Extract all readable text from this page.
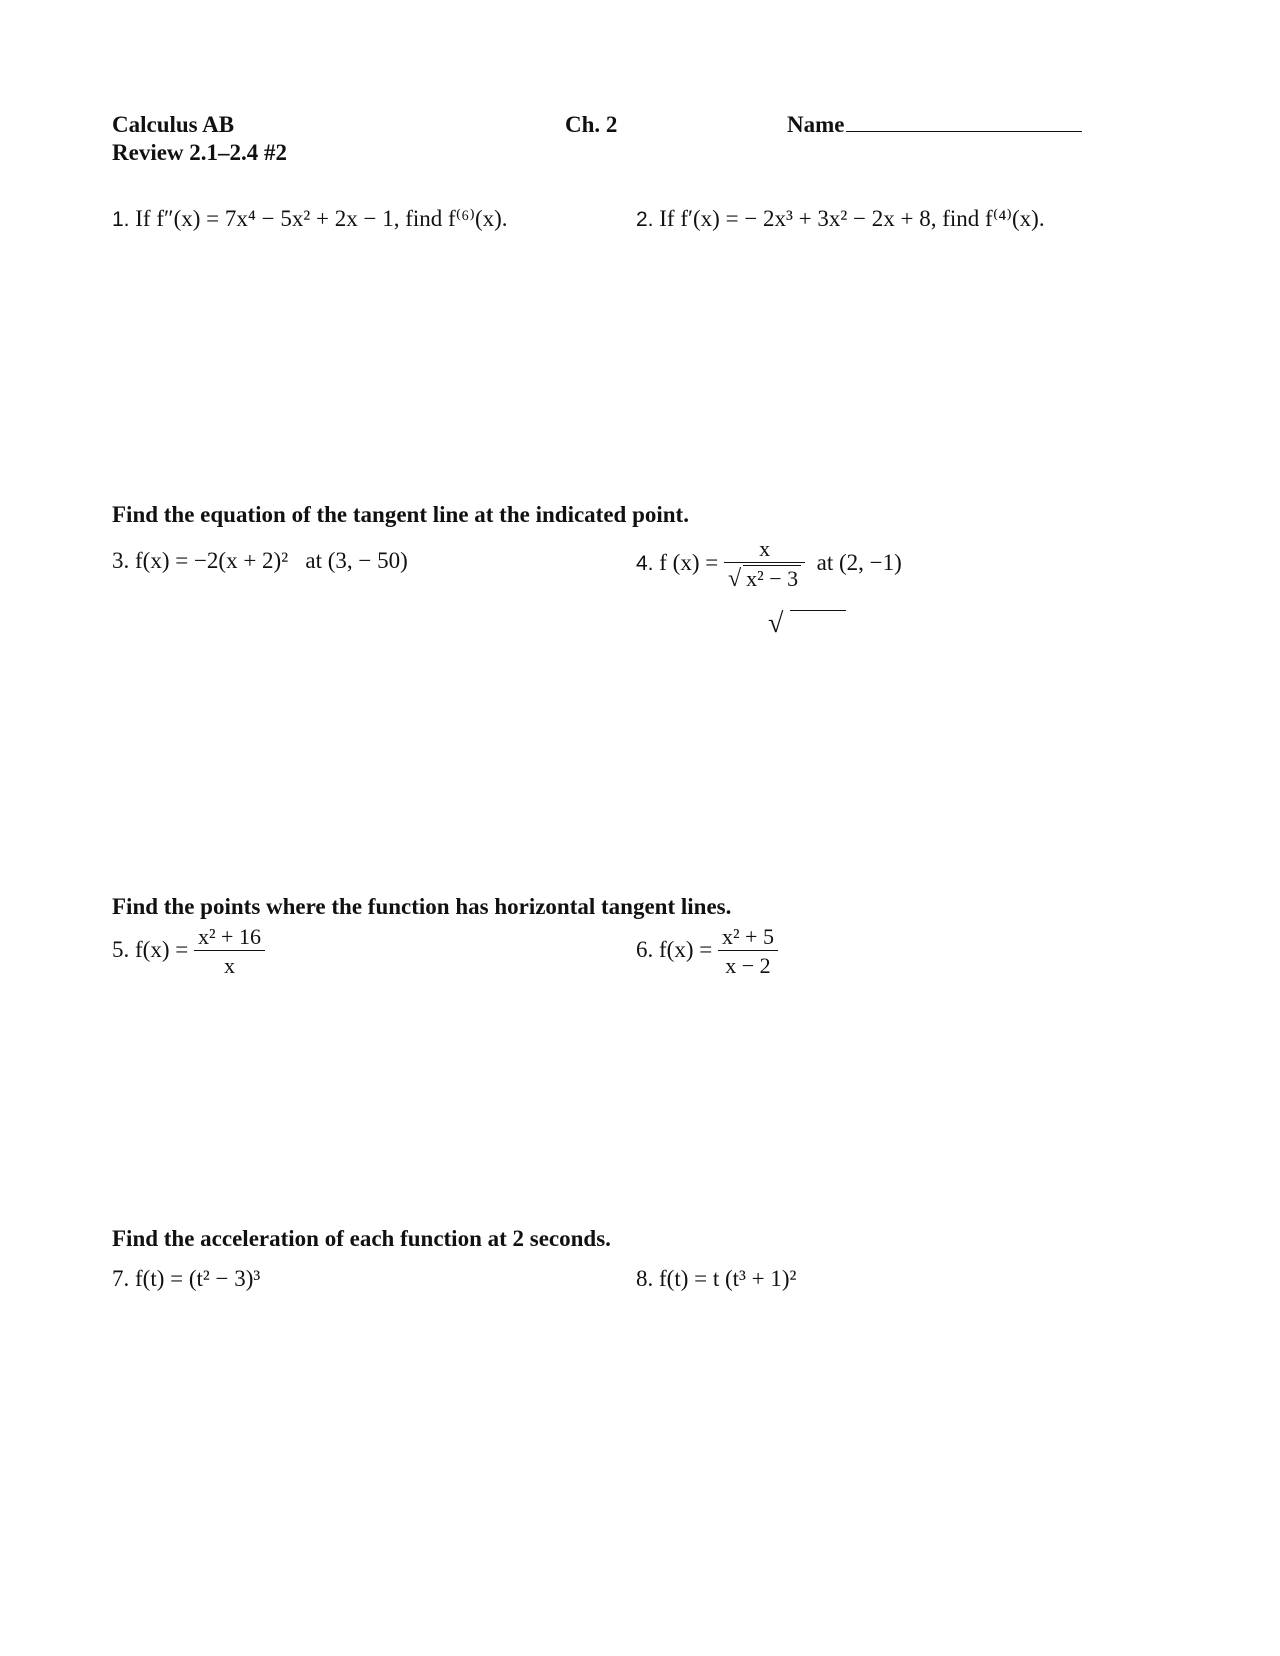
Calculus AB
Review 2.1–2.4 #2
Ch. 2	Name
1. If f″(x) = 7x⁴ − 5x² + 2x − 1, find f⁽⁶⁾(x).	2. If f′(x) = − 2x³ + 3x² − 2x + 8, find f⁽⁴⁾(x).
Find the equation of the tangent line at the indicated point.
3. f(x) = −2(x + 2)² at (3, − 50)	4. f $(x) = \frac{x}{\text{√ x² − 3}}$ at (2, −1)
√
Find the points where the function has horizontal tangent lines.
5. $f(x) = \frac{\text{x² + 16}}{x}$	6. $f(x) = \frac{\text{x² + 5}}{x - 2}$
Find the acceleration of each function at 2 seconds.
7. f(t) = (t² − 3)³	8. f(t) = t (t³ + 1)²
